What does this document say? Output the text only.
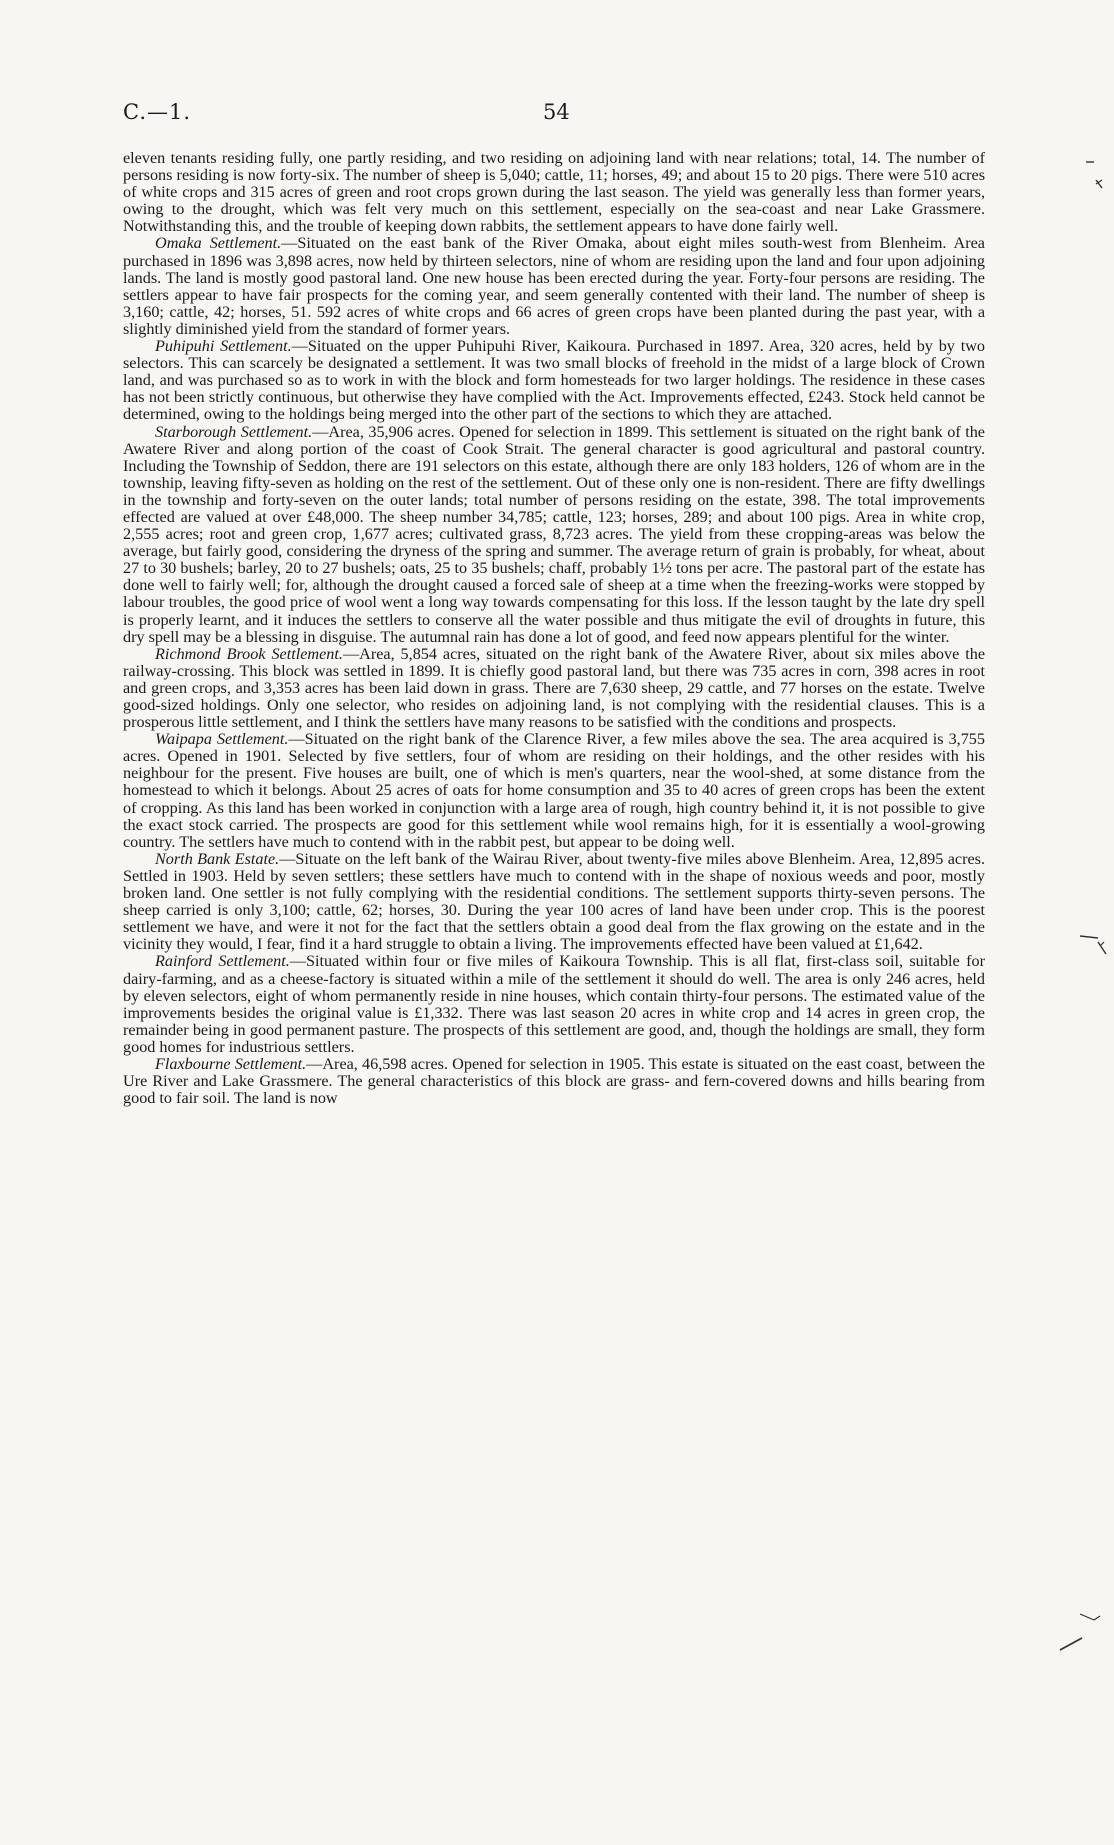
C.—1.	54

eleven tenants residing fully, one partly residing, and two residing on adjoining land with near relations; total, 14. The number of persons residing is now forty-six. The number of sheep is 5,040; cattle, 11; horses, 49; and about 15 to 20 pigs. There were 510 acres of white crops and 315 acres of green and root crops grown during the last season. The yield was generally less than former years, owing to the drought, which was felt very much on this settlement, especially on the sea-coast and near Lake Grassmere. Notwithstanding this, and the trouble of keeping down rabbits, the settlement appears to have done fairly well.

Omaka Settlement.—Situated on the east bank of the River Omaka, about eight miles south-west from Blenheim. Area purchased in 1896 was 3,898 acres, now held by thirteen selectors, nine of whom are residing upon the land and four upon adjoining lands. The land is mostly good pastoral land. One new house has been erected during the year. Forty-four persons are residing. The settlers appear to have fair prospects for the coming year, and seem generally contented with their land. The number of sheep is 3,160; cattle, 42; horses, 51. 592 acres of white crops and 66 acres of green crops have been planted during the past year, with a slightly diminished yield from the standard of former years.

Puhipuhi Settlement.—Situated on the upper Puhipuhi River, Kaikoura. Purchased in 1897. Area, 320 acres, held by by two selectors. This can scarcely be designated a settlement. It was two small blocks of freehold in the midst of a large block of Crown land, and was purchased so as to work in with the block and form homesteads for two larger holdings. The residence in these cases has not been strictly continuous, but otherwise they have complied with the Act. Improvements effected, £243. Stock held cannot be determined, owing to the holdings being merged into the other part of the sections to which they are attached.

Starborough Settlement.—Area, 35,906 acres. Opened for selection in 1899. This settlement is situated on the right bank of the Awatere River and along portion of the coast of Cook Strait. The general character is good agricultural and pastoral country. Including the Township of Seddon, there are 191 selectors on this estate, although there are only 183 holders, 126 of whom are in the township, leaving fifty-seven as holding on the rest of the settlement. Out of these only one is non-resident. There are fifty dwellings in the township and forty-seven on the outer lands; total number of persons residing on the estate, 398. The total improvements effected are valued at over £48,000. The sheep number 34,785; cattle, 123; horses, 289; and about 100 pigs. Area in white crop, 2,555 acres; root and green crop, 1,677 acres; cultivated grass, 8,723 acres. The yield from these cropping-areas was below the average, but fairly good, considering the dryness of the spring and summer. The average return of grain is probably, for wheat, about 27 to 30 bushels; barley, 20 to 27 bushels; oats, 25 to 35 bushels; chaff, probably 1½ tons per acre. The pastoral part of the estate has done well to fairly well; for, although the drought caused a forced sale of sheep at a time when the freezing-works were stopped by labour troubles, the good price of wool went a long way towards compensating for this loss. If the lesson taught by the late dry spell is properly learnt, and it induces the settlers to conserve all the water possible and thus mitigate the evil of droughts in future, this dry spell may be a blessing in disguise. The autumnal rain has done a lot of good, and feed now appears plentiful for the winter.

Richmond Brook Settlement.—Area, 5,854 acres, situated on the right bank of the Awatere River, about six miles above the railway-crossing. This block was settled in 1899. It is chiefly good pastoral land, but there was 735 acres in corn, 398 acres in root and green crops, and 3,353 acres has been laid down in grass. There are 7,630 sheep, 29 cattle, and 77 horses on the estate. Twelve good-sized holdings. Only one selector, who resides on adjoining land, is not complying with the residential clauses. This is a prosperous little settlement, and I think the settlers have many reasons to be satisfied with the conditions and prospects.

Waipapa Settlement.—Situated on the right bank of the Clarence River, a few miles above the sea. The area acquired is 3,755 acres. Opened in 1901. Selected by five settlers, four of whom are residing on their holdings, and the other resides with his neighbour for the present. Five houses are built, one of which is men's quarters, near the wool-shed, at some distance from the homestead to which it belongs. About 25 acres of oats for home consumption and 35 to 40 acres of green crops has been the extent of cropping. As this land has been worked in conjunction with a large area of rough, high country behind it, it is not possible to give the exact stock carried. The prospects are good for this settlement while wool remains high, for it is essentially a wool-growing country. The settlers have much to contend with in the rabbit pest, but appear to be doing well.

North Bank Estate.—Situate on the left bank of the Wairau River, about twenty-five miles above Blenheim. Area, 12,895 acres. Settled in 1903. Held by seven settlers; these settlers have much to contend with in the shape of noxious weeds and poor, mostly broken land. One settler is not fully complying with the residential conditions. The settlement supports thirty-seven persons. The sheep carried is only 3,100; cattle, 62; horses, 30. During the year 100 acres of land have been under crop. This is the poorest settlement we have, and were it not for the fact that the settlers obtain a good deal from the flax growing on the estate and in the vicinity they would, I fear, find it a hard struggle to obtain a living. The improvements effected have been valued at £1,642.

Rainford Settlement.—Situated within four or five miles of Kaikoura Township. This is all flat, first-class soil, suitable for dairy-farming, and as a cheese-factory is situated within a mile of the settlement it should do well. The area is only 246 acres, held by eleven selectors, eight of whom permanently reside in nine houses, which contain thirty-four persons. The estimated value of the improvements besides the original value is £1,332. There was last season 20 acres in white crop and 14 acres in green crop, the remainder being in good permanent pasture. The prospects of this settlement are good, and, though the holdings are small, they form good homes for industrious settlers.

Flaxbourne Settlement.—Area, 46,598 acres. Opened for selection in 1905. This estate is situated on the east coast, between the Ure River and Lake Grassmere. The general characteristics of this block are grass- and fern-covered downs and hills bearing from good to fair soil. The land is now
